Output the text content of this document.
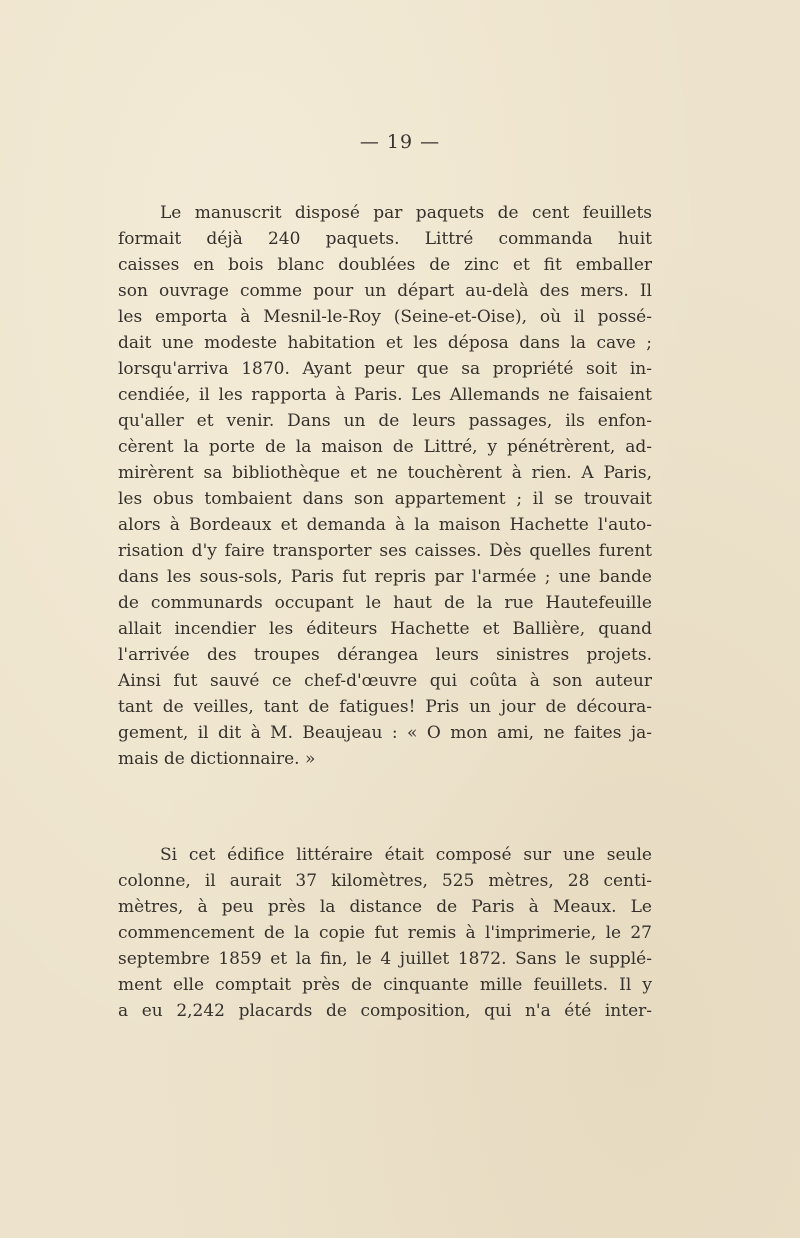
— 19 —
Le manuscrit disposé par paquets de cent feuillets
formait déjà 240 paquets. Littré commanda huit
caisses en bois blanc doublées de zinc et fit emballer
son ouvrage comme pour un départ au-delà des mers. Il
les emporta à Mesnil-le-Roy (Seine-et-Oise), où il possé-
dait une modeste habitation et les déposa dans la cave ;
lorsqu'arriva 1870. Ayant peur que sa propriété soit in-
cendiée, il les rapporta à Paris. Les Allemands ne faisaient
qu'aller et venir. Dans un de leurs passages, ils enfon-
cèrent la porte de la maison de Littré, y pénétrèrent, ad-
mirèrent sa bibliothèque et ne touchèrent à rien. A Paris,
les obus tombaient dans son appartement ; il se trouvait
alors à Bordeaux et demanda à la maison Hachette l'auto-
risation d'y faire transporter ses caisses. Dès quelles furent
dans les sous-sols, Paris fut repris par l'armée ; une bande
de communards occupant le haut de la rue Hautefeuille
allait incendier les éditeurs Hachette et Ballière, quand
l'arrivée des troupes dérangea leurs sinistres projets.
Ainsi fut sauvé ce chef-d'œuvre qui coûta à son auteur
tant de veilles, tant de fatigues! Pris un jour de découra-
gement, il dit à M. Beaujeau : « O mon ami, ne faites ja-
mais de dictionnaire. »
Si cet édifice littéraire était composé sur une seule
colonne, il aurait 37 kilomètres, 525 mètres, 28 centi-
mètres, à peu près la distance de Paris à Meaux. Le
commencement de la copie fut remis à l'imprimerie, le 27
septembre 1859 et la fin, le 4 juillet 1872. Sans le supplé-
ment elle comptait près de cinquante mille feuillets. Il y
a eu 2,242 placards de composition, qui n'a été inter-
